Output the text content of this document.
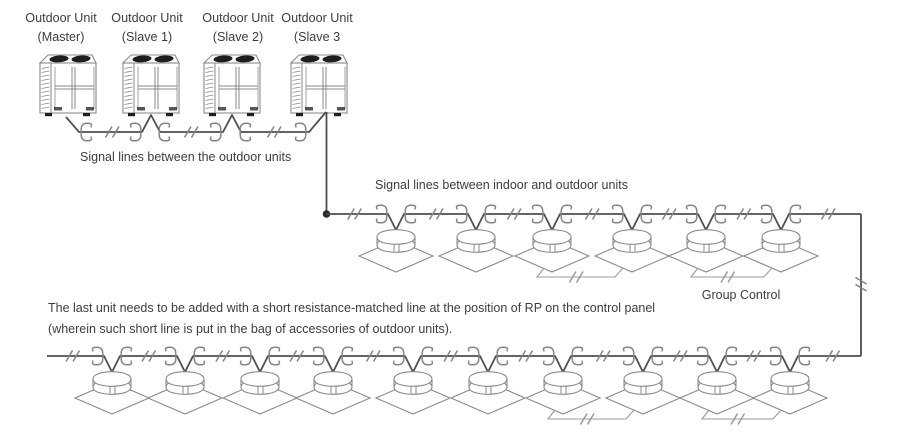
Outdoor Unit
(Master)
Outdoor Unit
(Slave 1)
Outdoor Unit
(Slave 2)
Outdoor Unit
(Slave 3
Signal lines between the outdoor units
Signal lines between indoor and outdoor units
Group Control
The last unit needs to be added with a short resistance-matched line at the position of RP on the control panel
(wherein such short line is put in the bag of accessories of outdoor units).
